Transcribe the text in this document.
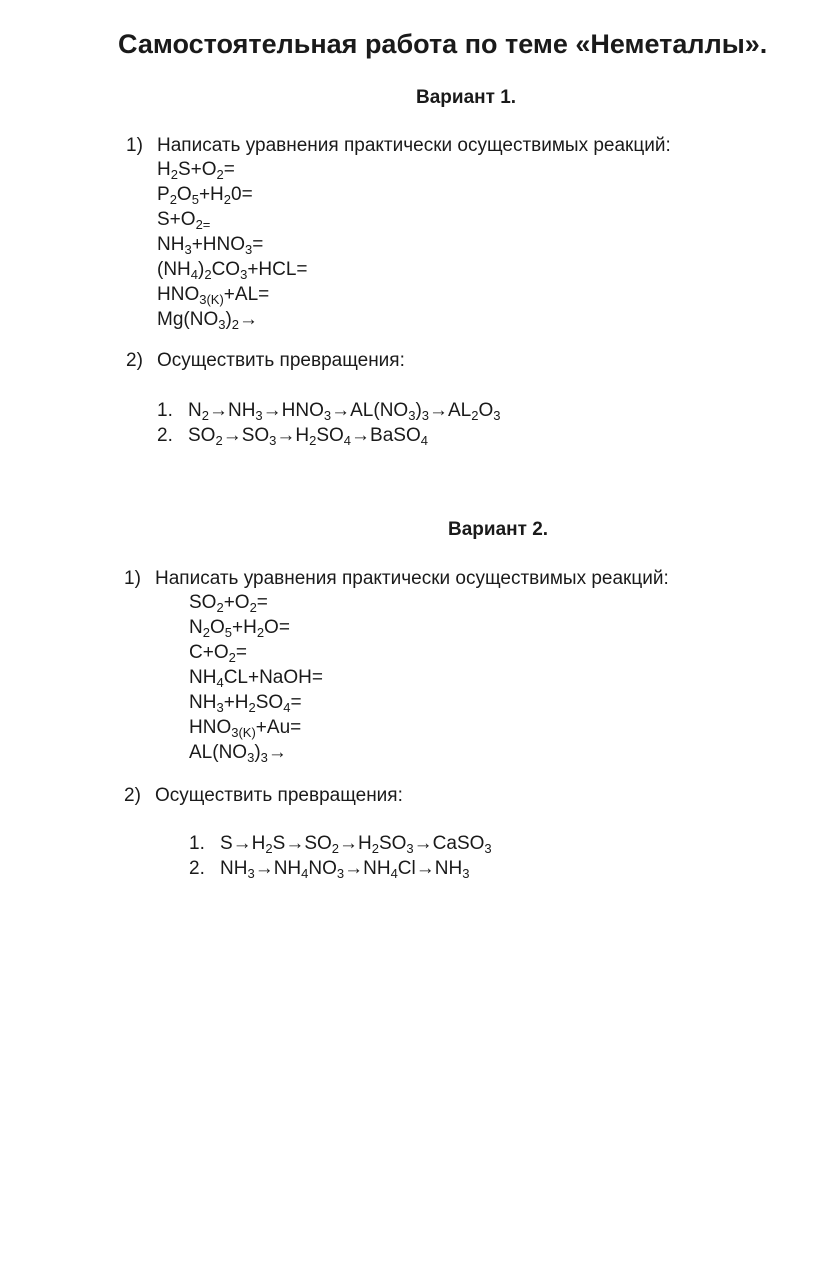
Самостоятельная работа по теме «Неметаллы».
Вариант 1.
1) Написать уравнения практически осуществимых реакций:
$H_2S+O_2=$
$P_2O_5+H_20=$
$S+O_{2=}$
$NH_3+HNO_3=$
$(NH_4)_2CO_3+HCL=$
$HNO_{3(K)}+AL=$
$Mg(NO_3)_2\to$
2) Осуществить превращения:
1. $N_2\to NH_3\to HNO_3\to AL(NO_3)_3\to AL_2O_3$
2. $SO_2\to SO_3\to H_2SO_4\to BaSO_4$
Вариант 2.
1) Написать уравнения практически осуществимых реакций:
$SO_2+O_2=$
$N_2O_5+H_2O=$
$C+O_2=$
$NH_4CL+NaOH=$
$NH_3+H_2SO_4=$
$HNO_{3(K)}+Au=$
$AL(NO_3)_3\to$
2) Осуществить превращения:
1. $S\to H_2S\to SO_2\to H_2SO_3\to CaSO_3$
2. $NH_3\to NH_4NO_3\to NH_4Cl\to NH_3$
